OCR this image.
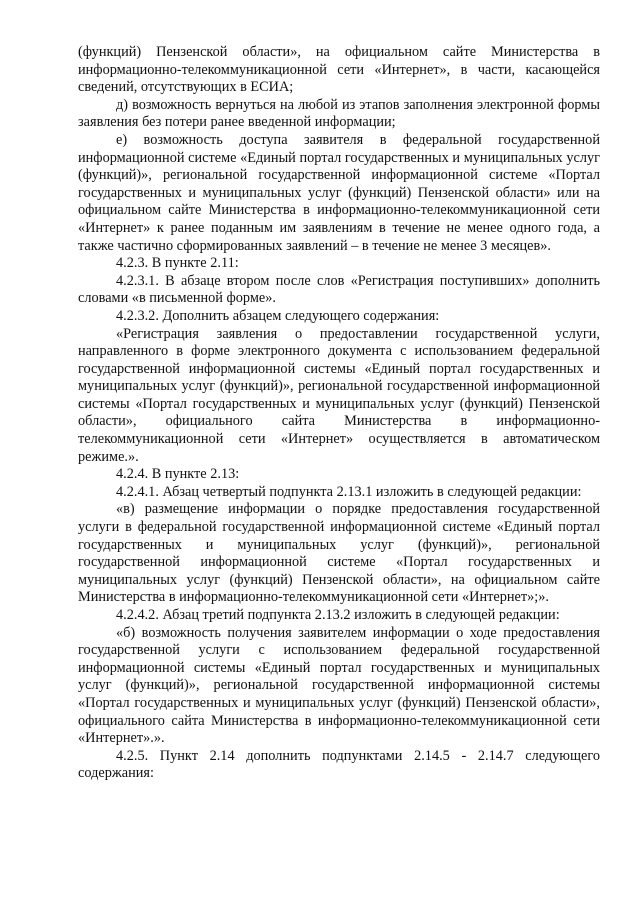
(функций) Пензенской области», на официальном сайте Министерства в информационно-телекоммуникационной сети «Интернет», в части, касающейся сведений, отсутствующих в ЕСИА;

д) возможность вернуться на любой из этапов заполнения электронной формы заявления без потери ранее введенной информации;

е) возможность доступа заявителя в федеральной государственной информационной системе «Единый портал государственных и муниципальных услуг (функций)», региональной государственной информационной системе «Портал государственных и муниципальных услуг (функций) Пензенской области» или на официальном сайте Министерства в информационно-телекоммуникационной сети «Интернет» к ранее поданным им заявлениям в течение не менее одного года, а также частично сформированных заявлений – в течение не менее 3 месяцев».

4.2.3. В пункте 2.11:

4.2.3.1. В абзаце втором после слов «Регистрация поступивших» дополнить словами «в письменной форме».

4.2.3.2. Дополнить абзацем следующего содержания:

«Регистрация заявления о предоставлении государственной услуги, направленного в форме электронного документа с использованием федеральной государственной информационной системы «Единый портал государственных и муниципальных услуг (функций)», региональной государственной информационной системы «Портал государственных и муниципальных услуг (функций) Пензенской области», официального сайта Министерства в информационно-телекоммуникационной сети «Интернет» осуществляется в автоматическом режиме.».

4.2.4. В пункте 2.13:

4.2.4.1. Абзац четвертый подпункта 2.13.1 изложить в следующей редакции:

«в) размещение информации о порядке предоставления государственной услуги в федеральной государственной информационной системе «Единый портал государственных и муниципальных услуг (функций)», региональной государственной информационной системе «Портал государственных и муниципальных услуг (функций) Пензенской области», на официальном сайте Министерства в информационно-телекоммуникационной сети «Интернет»;».

4.2.4.2. Абзац третий подпункта 2.13.2 изложить в следующей редакции:

«б) возможность получения заявителем информации о ходе предоставления государственной услуги с использованием федеральной государственной информационной системы «Единый портал государственных и муниципальных услуг (функций)», региональной государственной информационной системы «Портал государственных и муниципальных услуг (функций) Пензенской области», официального сайта Министерства в информационно-телекоммуникационной сети «Интернет».».

4.2.5. Пункт 2.14 дополнить подпунктами 2.14.5 - 2.14.7 следующего содержания:
